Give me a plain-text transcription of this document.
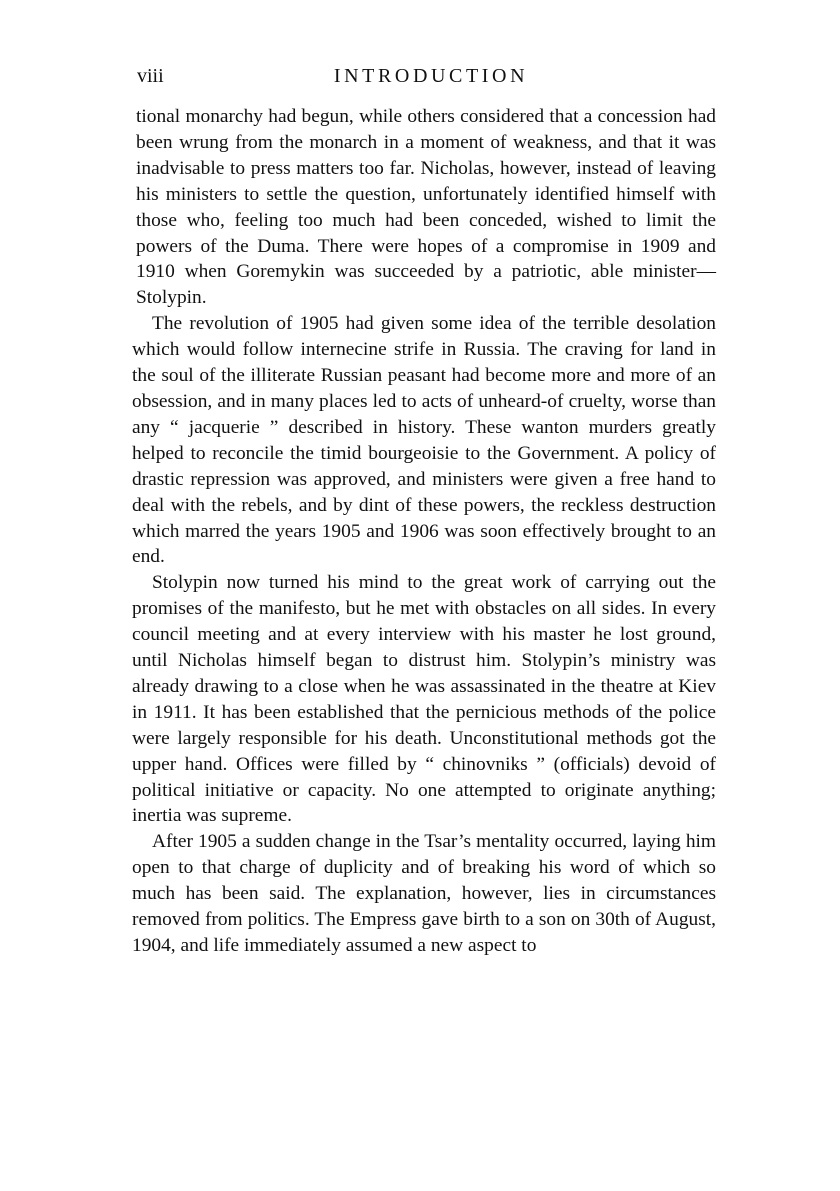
viii	INTRODUCTION

tional monarchy had begun, while others considered that a concession had been wrung from the monarch in a moment of weakness, and that it was inadvisable to press matters too far. Nicholas, however, instead of leaving his ministers to settle the question, unfortunately identified himself with those who, feeling too much had been conceded, wished to limit the powers of the Duma. There were hopes of a compromise in 1909 and 1910 when Goremykin was succeeded by a patriotic, able minister—Stolypin.

The revolution of 1905 had given some idea of the terrible desolation which would follow internecine strife in Russia. The craving for land in the soul of the illiterate Russian peasant had become more and more of an obsession, and in many places led to acts of unheard-of cruelty, worse than any “ jacquerie ” described in history. These wanton murders greatly helped to reconcile the timid bourgeoisie to the Government. A policy of drastic repression was approved, and ministers were given a free hand to deal with the rebels, and by dint of these powers, the reckless destruction which marred the years 1905 and 1906 was soon effectively brought to an end.

Stolypin now turned his mind to the great work of carrying out the promises of the manifesto, but he met with obstacles on all sides. In every council meeting and at every interview with his master he lost ground, until Nicholas himself began to distrust him. Stolypin’s ministry was already drawing to a close when he was assassinated in the theatre at Kiev in 1911. It has been established that the pernicious methods of the police were largely responsible for his death. Unconstitutional methods got the upper hand. Offices were filled by “ chinovniks ” (officials) devoid of political initiative or capacity. No one attempted to originate anything; inertia was supreme.

After 1905 a sudden change in the Tsar’s mentality occurred, laying him open to that charge of duplicity and of breaking his word of which so much has been said. The explanation, however, lies in circumstances removed from politics. The Empress gave birth to a son on 30th of August, 1904, and life immediately assumed a new aspect to
